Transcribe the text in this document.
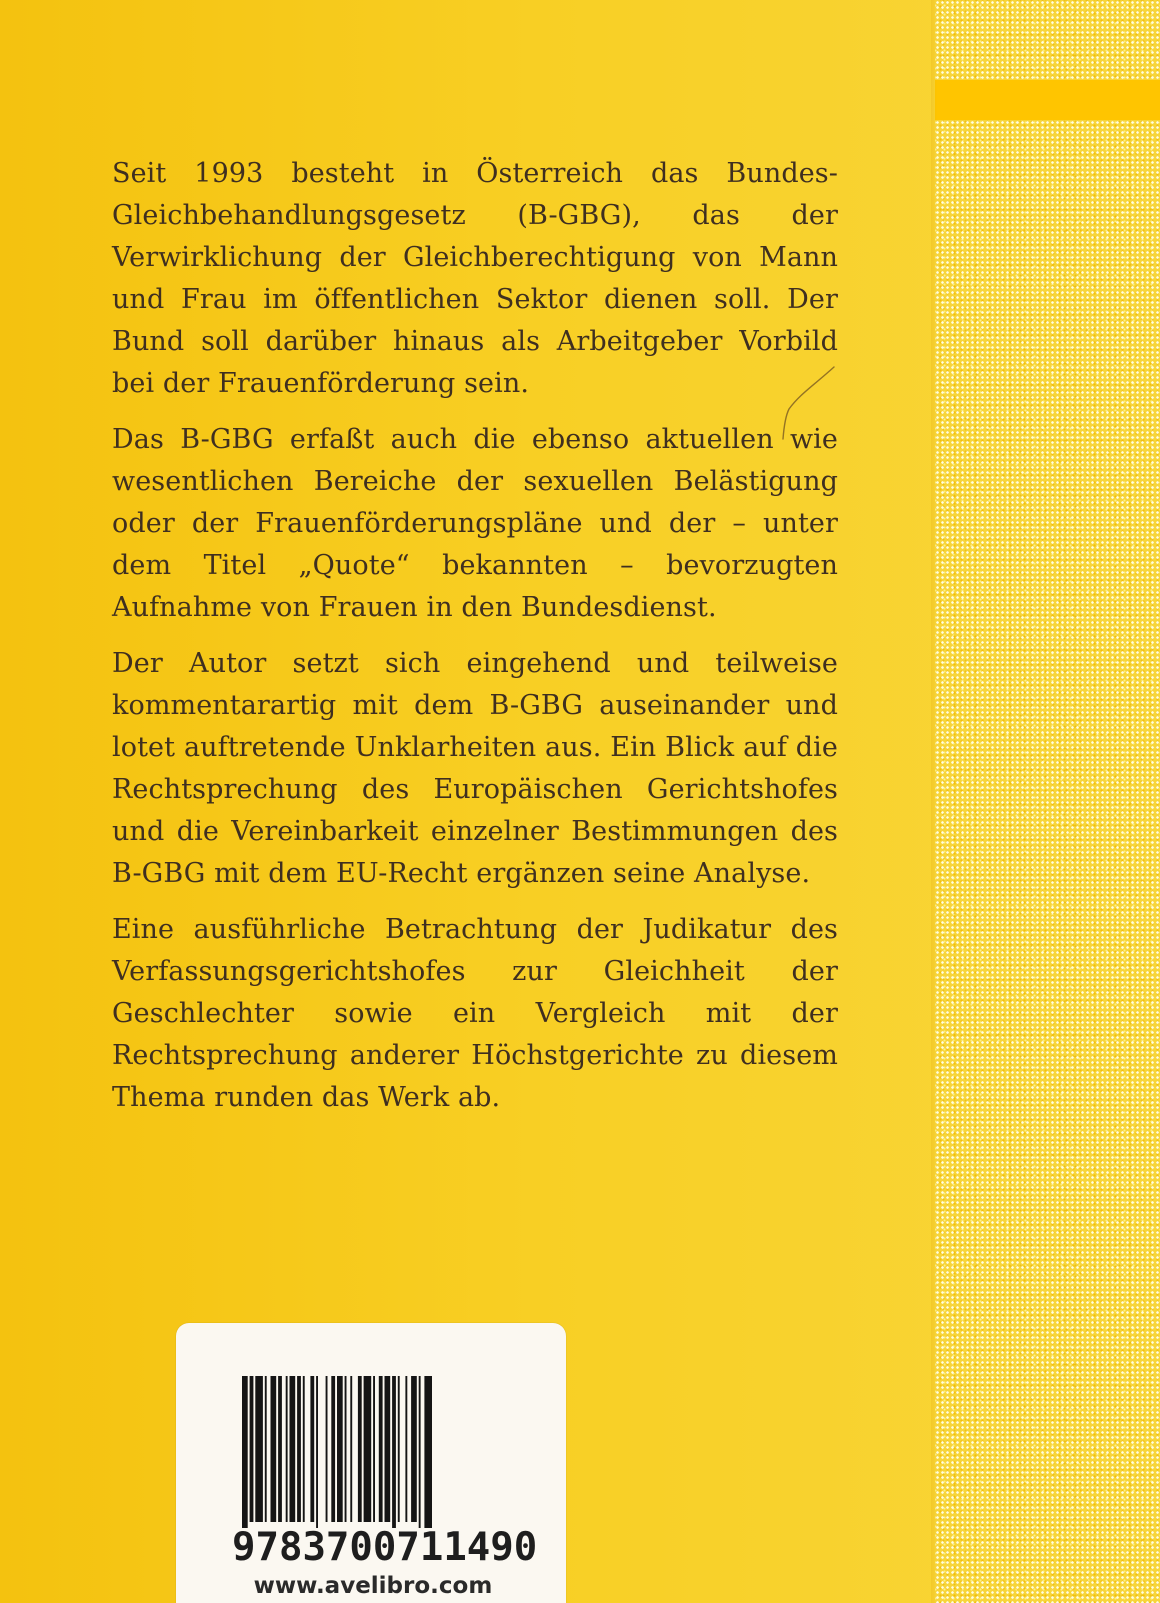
Seit 1993 besteht in Österreich das Bundes-Gleichbehandlungsgesetz (B-GBG), das der Verwirklichung der Gleichberechtigung von Mann und Frau im öffentlichen Sektor dienen soll. Der Bund soll darüber hinaus als Arbeitgeber Vorbild bei der Frauenförderung sein.

Das B-GBG erfaßt auch die ebenso aktuellen wie wesentlichen Bereiche der sexuellen Belästigung oder der Frauenförderungspläne und der – unter dem Titel „Quote“ bekannten – bevorzugten Aufnahme von Frauen in den Bundesdienst.

Der Autor setzt sich eingehend und teilweise kommentarartig mit dem B-GBG auseinander und lotet auftretende Unklarheiten aus. Ein Blick auf die Rechtsprechung des Europäischen Gerichtshofes und die Vereinbarkeit einzelner Bestimmungen des B-GBG mit dem EU-Recht ergänzen seine Analyse.

Eine ausführliche Betrachtung der Judikatur des Verfassungsgerichtshofes zur Gleichheit der Geschlechter sowie ein Vergleich mit der Rechtsprechung anderer Höchstgerichte zu diesem Thema runden das Werk ab.

9783700711490
www.avelibro.com
